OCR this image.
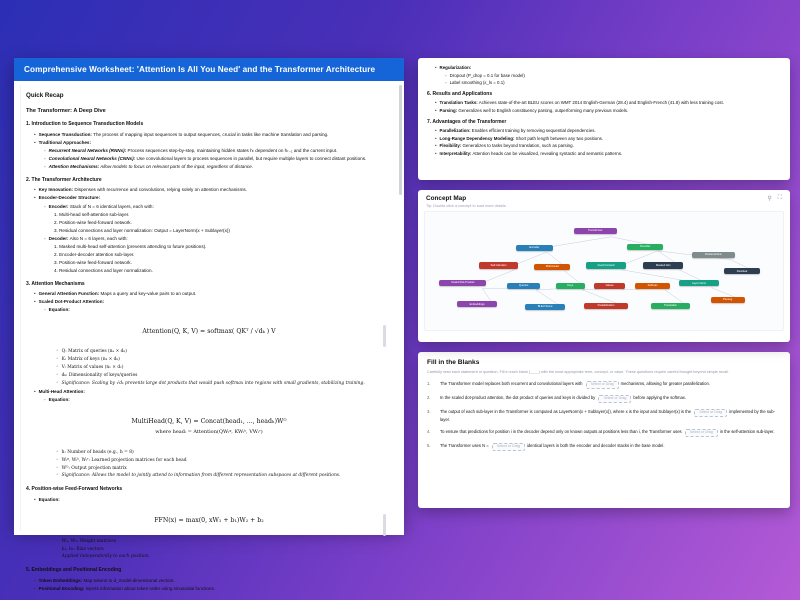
Comprehensive Worksheet: 'Attention Is All You Need' and the Transformer Architecture
Quick Recap
The Transformer: A Deep Dive
1. Introduction to Sequence Transduction Models
• Sequence Transduction: The process of mapping input sequences to output sequences, crucial in tasks like machine translation and parsing.
• Traditional Approaches:
◦ Recurrent Neural Networks (RNNs): Process sequences step-by-step, maintaining hidden states hₜ dependent on hₜ₋₁ and the current input.
◦ Convolutional Neural Networks (CNNs): Use convolutional layers to process sequences in parallel, but require multiple layers to connect distant positions.
◦ Attention Mechanisms: Allow models to focus on relevant parts of the input, regardless of distance.
2. The Transformer Architecture
• Key Innovation: Dispenses with recurrence and convolutions, relying solely on attention mechanisms.
• Encoder-Decoder Structure:
◦ Encoder: Stack of N = 6 identical layers, each with:
1. Multi-head self-attention sub-layer.
2. Position-wise feed-forward network.
3. Residual connections and layer normalization: Output = LayerNorm(x + Sublayer(x))
◦ Decoder: Also N = 6 layers, each with:
1. Masked multi-head self-attention (prevents attending to future positions).
2. Encoder-decoder attention sub-layer.
3. Position-wise feed-forward network.
4. Residual connections and layer normalization.
3. Attention Mechanisms
• General Attention Function: Maps a query and key-value pairs to an output.
• Scaled Dot-Product Attention:
◦ Equation:
Attention(Q, K, V) = softmax( QKᵀ / √dₖ ) V
◦ Q: Matrix of queries (nₐ × dₖ)
◦ K: Matrix of keys (nₖ × dₖ)
◦ V: Matrix of values (nᵥ × dᵥ)
◦ dₖ: Dimensionality of keys/queries
◦ Significance: Scaling by √dₖ prevents large dot products that would push softmax into regions with small gradients, stabilizing training.
• Multi-Head Attention:
◦ Equation:
MultiHead(Q, K, V) = Concat(head₁, ..., headₕ)Wᴼ
where headᵢ = Attention(QWᵢᵠ, KWᵢᵏ, VWᵢᵛ)
◦ h: Number of heads (e.g., h = 8)
◦ Wᵢᵠ, Wᵢᵏ, Wᵢᵛ: Learned projection matrices for each head
◦ Wᴼ: Output projection matrix
◦ Significance: Allows the model to jointly attend to information from different representation subspaces at different positions.
4. Position-wise Feed-Forward Networks
• Equation:
FFN(x) = max(0, xW₁ + b₁)W₂ + b₂
◦ W₁, W₂: Weight matrices
◦ b₁, b₂: Bias vectors
◦ Applied independently to each position.
5. Embeddings and Positional Encoding
• Token Embeddings: Map tokens to d_model-dimensional vectors.
• Positional Encoding: Injects information about token order using sinusoidal functions.
• Regularization:
◦ Dropout (P_drop = 0.1 for base model)
◦ Label smoothing (ε_ls = 0.1)
6. Results and Applications
• Translation Tasks: Achieves state-of-the-art BLEU scores on WMT 2014 English-German (28.4) and English-French (41.8) with less training cost.
• Parsing: Generalizes well to English constituency parsing, outperforming many previous models.
7. Advantages of the Transformer
• Parallelization: Enables efficient training by removing sequential dependencies.
• Long-Range Dependency Modeling: Short path length between any two positions.
• Flexibility: Generalizes to tasks beyond translation, such as parsing.
• Interpretability: Attention heads can be visualized, revealing syntactic and semantic patterns.
Concept Map	⚲ ⛶
Tip: Double-click a concept to load more details.
Transformer
Encoder	Decoder
Self-Attention	Multi-Head	Feed Forward	Masked Attn
Positional Enc
Scaled Dot-Product
Queries	Keys	Values	Softmax
Layer Norm
Residual
Embeddings
BLEU Score	Parallelization	Translation
Parsing
Fill in the Blanks
Carefully read each statement or question. Fill in each blank (____) with the most appropriate term, concept, or value. These questions require careful thought beyond simple recall.
1.	The Transformer model replaces both recurrent and convolutional layers with Select or Drag mechanisms, allowing for greater parallelization.
2.	In the scaled dot-product attention, the dot product of queries and keys is divided by Select or Drag before applying the softmax.
3.	The output of each sub-layer in the Transformer is computed as LayerNorm(x + Sublayer(x)), where x is the input and Sublayer(x) is the Select or Drag implemented by the sub-layer.
4.	To ensure that predictions for position i in the decoder depend only on known outputs at positions less than i, the Transformer uses Select or Drag in the self-attention sub-layer.
5.	The Transformer uses N = Select or Drag identical layers in both the encoder and decoder stacks in the base model.
